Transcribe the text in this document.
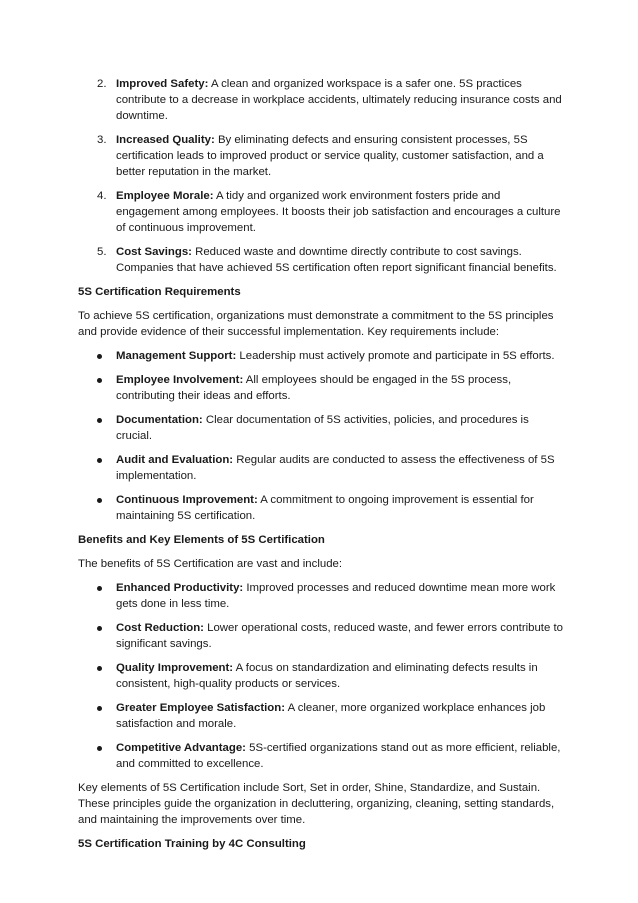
2. Improved Safety: A clean and organized workspace is a safer one. 5S practices contribute to a decrease in workplace accidents, ultimately reducing insurance costs and downtime.
3. Increased Quality: By eliminating defects and ensuring consistent processes, 5S certification leads to improved product or service quality, customer satisfaction, and a better reputation in the market.
4. Employee Morale: A tidy and organized work environment fosters pride and engagement among employees. It boosts their job satisfaction and encourages a culture of continuous improvement.
5. Cost Savings: Reduced waste and downtime directly contribute to cost savings. Companies that have achieved 5S certification often report significant financial benefits.
5S Certification Requirements

To achieve 5S certification, organizations must demonstrate a commitment to the 5S principles and provide evidence of their successful implementation. Key requirements include:

Management Support: Leadership must actively promote and participate in 5S efforts.
Employee Involvement: All employees should be engaged in the 5S process, contributing their ideas and efforts.
Documentation: Clear documentation of 5S activities, policies, and procedures is crucial.
Audit and Evaluation: Regular audits are conducted to assess the effectiveness of 5S implementation.
Continuous Improvement: A commitment to ongoing improvement is essential for maintaining 5S certification.
Benefits and Key Elements of 5S Certification

The benefits of 5S Certification are vast and include:

Enhanced Productivity: Improved processes and reduced downtime mean more work gets done in less time.
Cost Reduction: Lower operational costs, reduced waste, and fewer errors contribute to significant savings.
Quality Improvement: A focus on standardization and eliminating defects results in consistent, high-quality products or services.
Greater Employee Satisfaction: A cleaner, more organized workplace enhances job satisfaction and morale.
Competitive Advantage: 5S-certified organizations stand out as more efficient, reliable, and committed to excellence.

Key elements of 5S Certification include Sort, Set in order, Shine, Standardize, and Sustain. These principles guide the organization in decluttering, organizing, cleaning, setting standards, and maintaining the improvements over time.

5S Certification Training by 4C Consulting
